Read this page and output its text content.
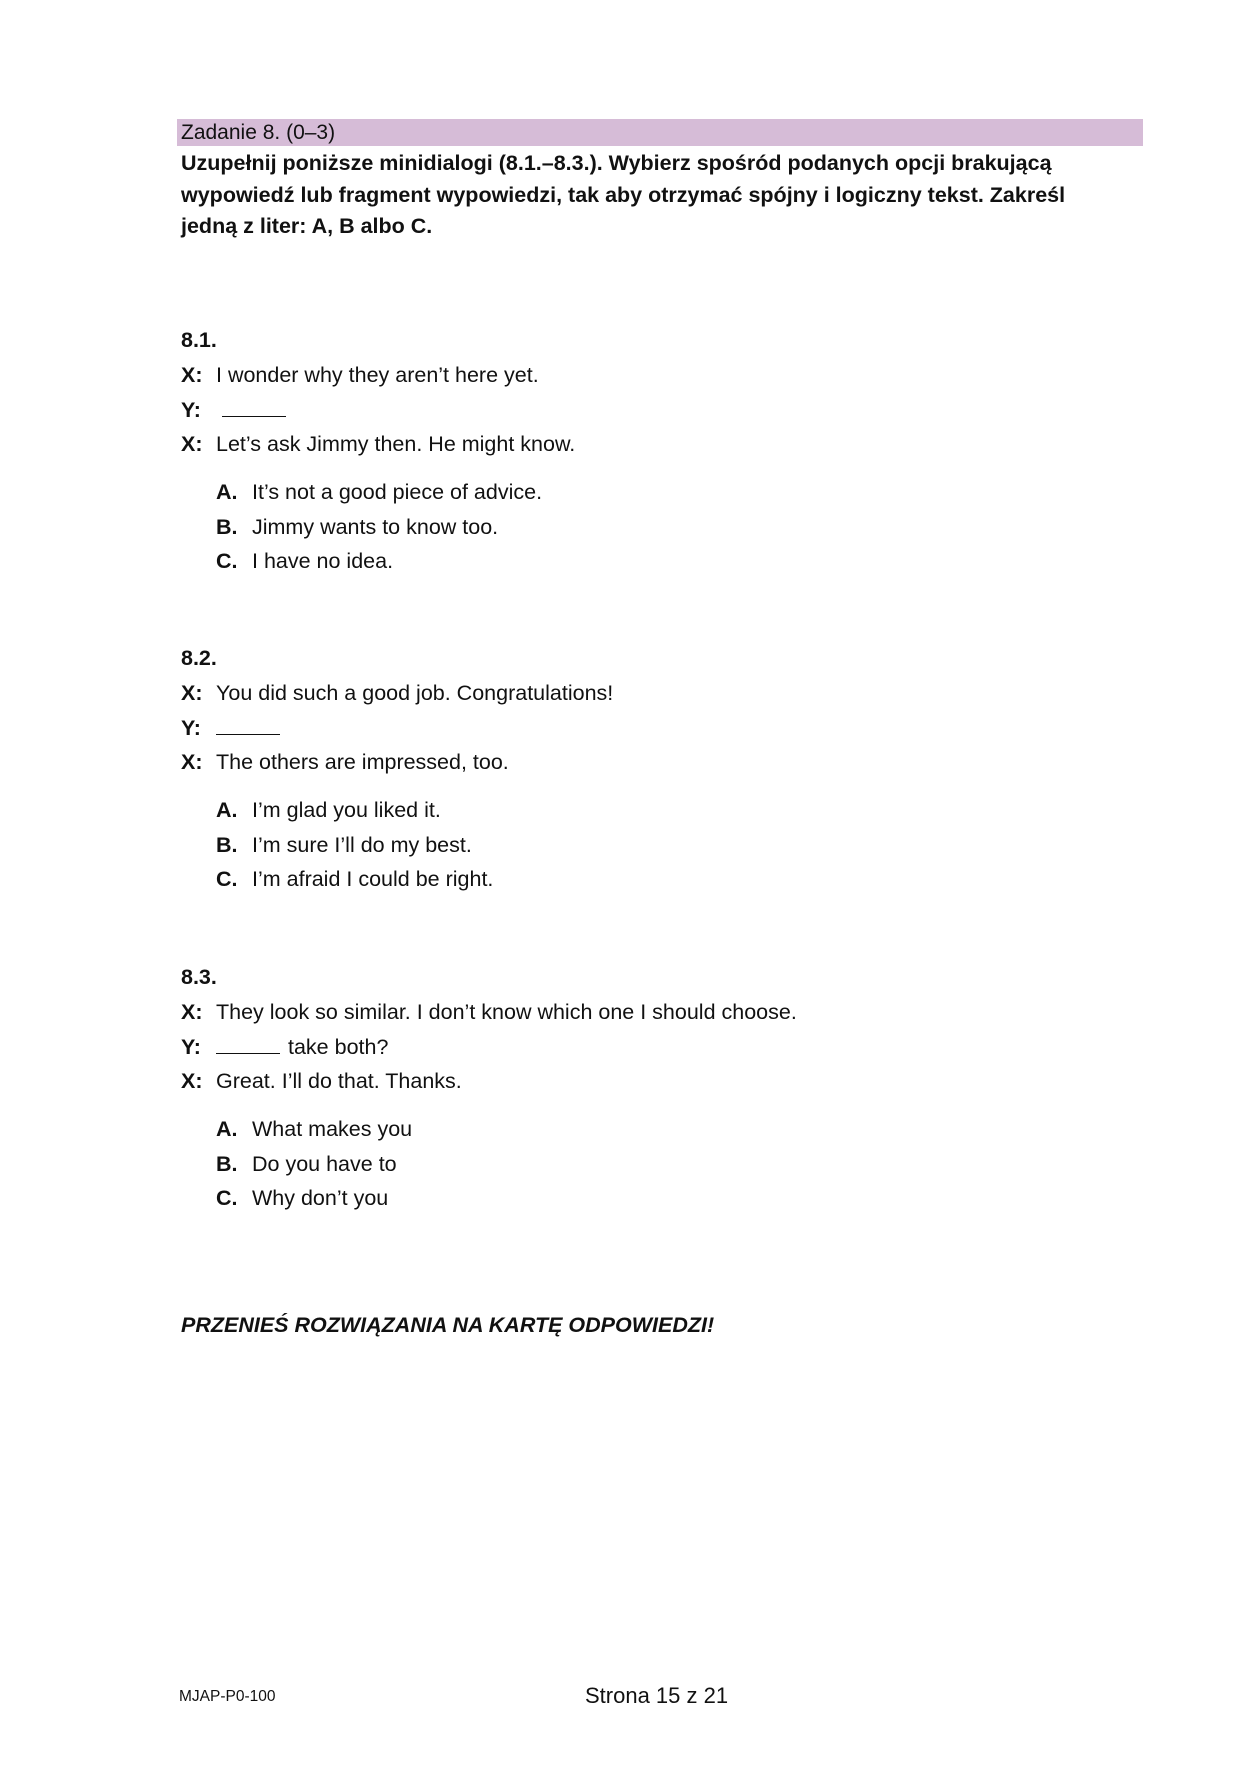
Zadanie 8. (0–3)
Uzupełnij poniższe minidialogi (8.1.–8.3.). Wybierz spośród podanych opcji brakującą
wypowiedź lub fragment wypowiedzi, tak aby otrzymać spójny i logiczny tekst. Zakreśl
jedną z liter: A, B albo C.
8.1.
X: I wonder why they aren’t here yet.
Y:
X: Let’s ask Jimmy then. He might know.
A. It’s not a good piece of advice.
B. Jimmy wants to know too.
C. I have no idea.
8.2.
X: You did such a good job. Congratulations!
Y:
X: The others are impressed, too.
A. I’m glad you liked it.
B. I’m sure I’ll do my best.
C. I’m afraid I could be right.
8.3.
X: They look so similar. I don’t know which one I should choose.
Y:	take both?
X: Great. I’ll do that. Thanks.
A. What makes you
B. Do you have to
C. Why don’t you
PRZENIEŚ ROZWIĄZANIA NA KARTĘ ODPOWIEDZI!
MJAP-P0-100	Strona 15 z 21
